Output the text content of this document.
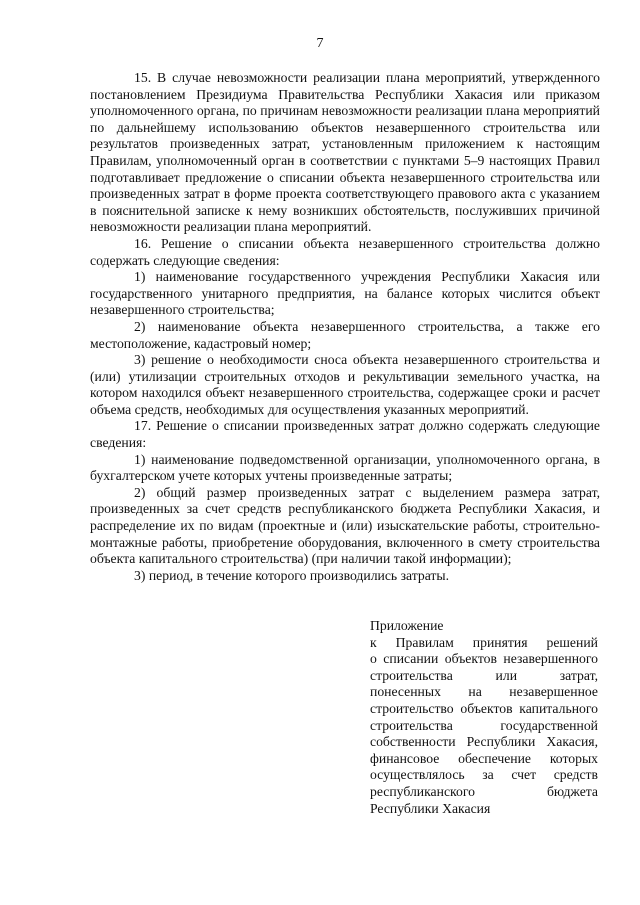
7

15. В случае невозможности реализации плана мероприятий, утвержденного постановлением Президиума Правительства Республики Хакасия или приказом уполномоченного органа, по причинам невозможности реализации плана мероприятий по дальнейшему использованию объектов незавершенного строительства или результатов произведенных затрат, установленным приложением к настоящим Правилам, уполномоченный орган в соответствии с пунктами 5–9 настоящих Правил подготавливает предложение о списании объекта незавершенного строительства или произведенных затрат в форме проекта соответствующего правового акта с указанием в пояснительной записке к нему возникших обстоятельств, послуживших причиной невозможности реализации плана мероприятий.

16. Решение о списании объекта незавершенного строительства должно содержать следующие сведения:

1) наименование государственного учреждения Республики Хакасия или государственного унитарного предприятия, на балансе которых числится объект незавершенного строительства;

2) наименование объекта незавершенного строительства, а также его местоположение, кадастровый номер;

3) решение о необходимости сноса объекта незавершенного строительства и (или) утилизации строительных отходов и рекультивации земельного участка, на котором находился объект незавершенного строительства, содержащее сроки и расчет объема средств, необходимых для осуществления указанных мероприятий.

17. Решение о списании произведенных затрат должно содержать следующие сведения:

1) наименование подведомственной организации, уполномоченного органа, в бухгалтерском учете которых учтены произведенные затраты;

2) общий размер произведенных затрат с выделением размера затрат, произведенных за счет средств республиканского бюджета Республики Хакасия, и распределение их по видам (проектные и (или) изыскательские работы, строительно-монтажные работы, приобретение оборудования, включенного в смету строительства объекта капитального строительства) (при наличии такой информации);

3) период, в течение которого производились затраты.

Приложение

к Правилам принятия решений
о списании объектов незавершенного
строительства или затрат,
понесенных на незавершенное
строительство объектов капитального
строительства государственной
собственности Республики Хакасия,
финансовое обеспечение которых
осуществлялось за счет средств
республиканского бюджета
Республики Хакасия
